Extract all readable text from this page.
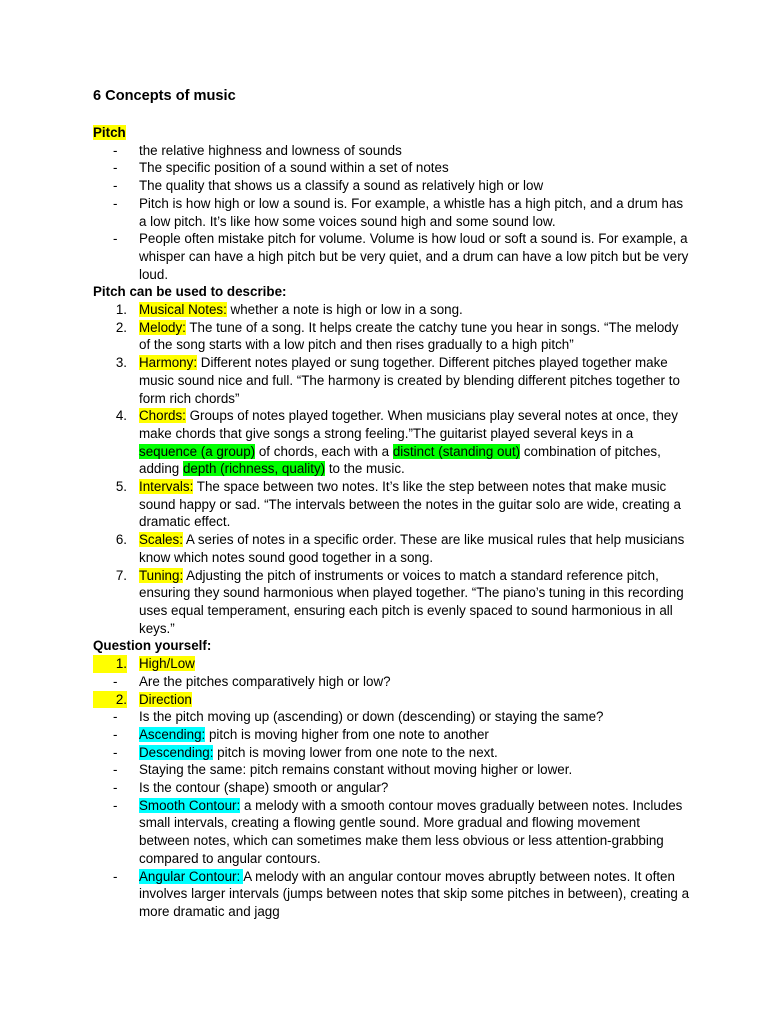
6 Concepts of music
Pitch
- the relative highness and lowness of sounds
- The specific position of a sound within a set of notes
- The quality that shows us a classify a sound as relatively high or low
- Pitch is how high or low a sound is. For example, a whistle has a high pitch, and a drum has a low pitch. It’s like how some voices sound high and some sound low.
- People often mistake pitch for volume. Volume is how loud or soft a sound is. For example, a whisper can have a high pitch but be very quiet, and a drum can have a low pitch but be very loud.
Pitch can be used to describe:
1. Musical Notes: whether a note is high or low in a song.
2. Melody: The tune of a song. It helps create the catchy tune you hear in songs. “The melody of the song starts with a low pitch and then rises gradually to a high pitch”
3. Harmony: Different notes played or sung together. Different pitches played together make music sound nice and full. “The harmony is created by blending different pitches together to form rich chords”
4. Chords: Groups of notes played together. When musicians play several notes at once, they make chords that give songs a strong feeling.”The guitarist played several keys in a sequence (a group) of chords, each with a distinct (standing out) combination of pitches, adding depth (richness, quality) to the music.
5. Intervals: The space between two notes. It’s like the step between notes that make music sound happy or sad. “The intervals between the notes in the guitar solo are wide, creating a dramatic effect.
6. Scales: A series of notes in a specific order. These are like musical rules that help musicians know which notes sound good together in a song.
7. Tuning: Adjusting the pitch of instruments or voices to match a standard reference pitch, ensuring they sound harmonious when played together. “The piano’s tuning in this recording uses equal temperament, ensuring each pitch is evenly spaced to sound harmonious in all keys.”
Question yourself:
1. High/Low
- Are the pitches comparatively high or low?
2. Direction
- Is the pitch moving up (ascending) or down (descending) or staying the same?
- Ascending: pitch is moving higher from one note to another
- Descending: pitch is moving lower from one note to the next.
- Staying the same: pitch remains constant without moving higher or lower.
- Is the contour (shape) smooth or angular?
- Smooth Contour: a melody with a smooth contour moves gradually between notes. Includes small intervals, creating a flowing gentle sound. More gradual and flowing movement between notes, which can sometimes make them less obvious or less attention-grabbing compared to angular contours.
- Angular Contour: A melody with an angular contour moves abruptly between notes. It often involves larger intervals (jumps between notes that skip some pitches in between), creating a more dramatic and jagg
